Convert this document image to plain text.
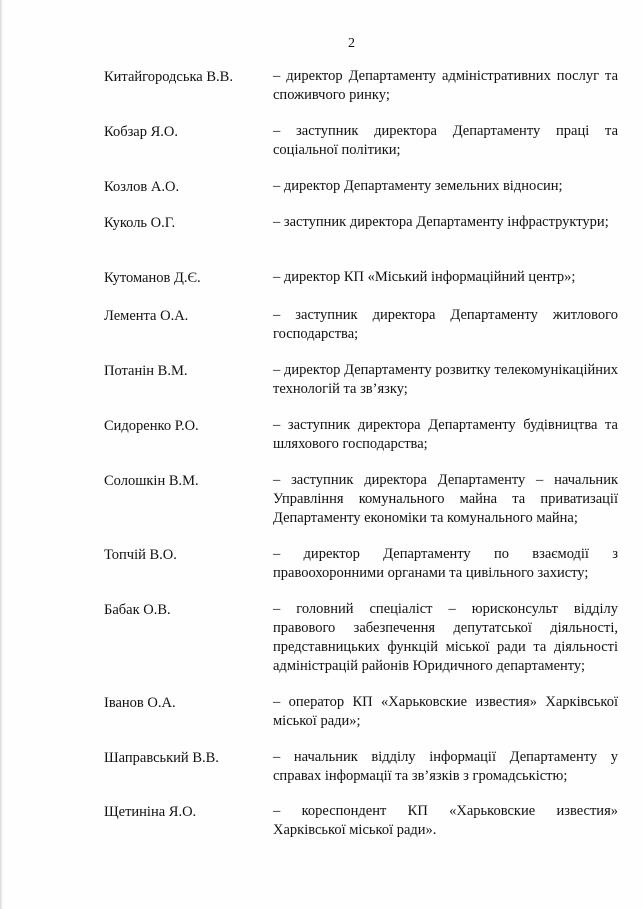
2
Китайгородська В.В.	– директор Департаменту адміністративних послуг та споживчого ринку;
Кобзар Я.О.	– заступник директора Департаменту праці та соціальної політики;
Козлов А.О.	– директор Департаменту земельних відносин;
Куколь О.Г.	– заступник директора Департаменту інфраструктури;
Кутоманов Д.Є.	– директор КП «Міський інформаційний центр»;
Лемента О.А.	– заступник директора Департаменту житлового господарства;
Потанін В.М.	– директор Департаменту розвитку телекомунікаційних технологій та зв’язку;
Сидоренко Р.О.	– заступник директора Департаменту будівництва та шляхового господарства;
Солошкін В.М.	– заступник директора Департаменту – начальник Управління комунального майна та приватизації Департаменту економіки та комунального майна;
Топчій В.О.	– директор Департаменту по взаємодії з правоохоронними органами та цивільного захисту;
Бабак О.В.	– головний спеціаліст – юрисконсульт відділу правового забезпечення депутатської діяльності, представницьких функцій міської ради та діяльності адміністрацій районів Юридичного департаменту;
Іванов О.А.	– оператор КП «Харьковские известия» Харківської міської ради»;
Шаправський В.В.	– начальник відділу інформації Департаменту у справах інформації та зв’язків з громадськістю;
Щетиніна Я.О.	– кореспондент КП «Харьковские известия» Харківської міської ради».
